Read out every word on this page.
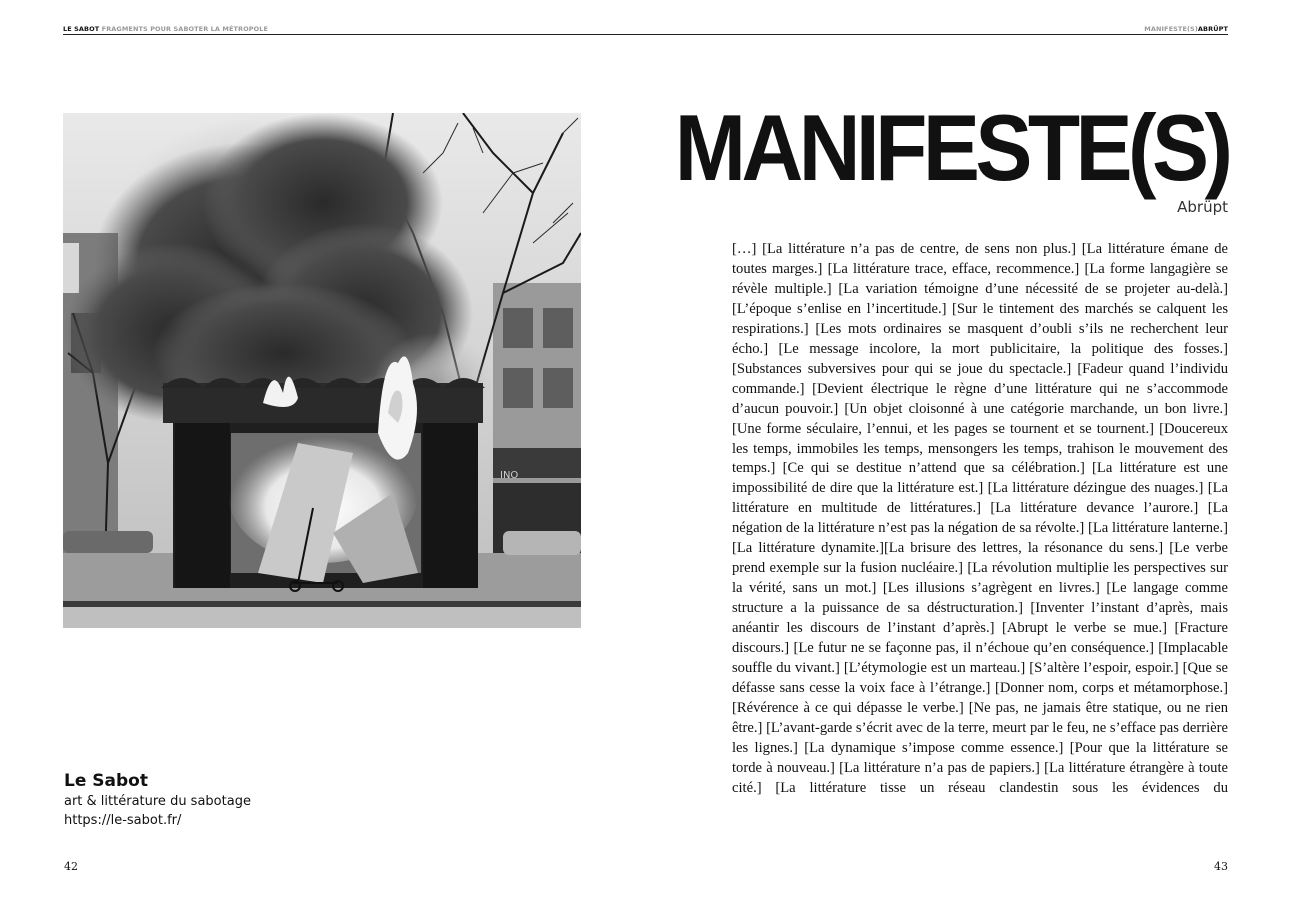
LE SABOT FRAGMENTS POUR SABOTER LA MÉTROPOLE	MANIFESTE(S)ABRÜPT
INO
Le Sabot
art & littérature du sabotage
https://le-sabot.fr/
42
MANIFESTE(S)
Abrüpt
[…] [La littérature n’a pas de centre, de sens non plus.] [La littérature émane de toutes marges.] [La littérature trace, efface, recommence.] [La forme langagière se révèle multiple.] [La variation témoigne d’une nécessité de se projeter au-delà.][L’époque s’enlise en l’incertitude.] [Sur le tintement des marchés se calquent les respirations.] [Les mots ordinaires se masquent d’oubli s’ils ne recherchent leur écho.] [Le message incolore, la mort publicitaire, la politique des fosses.] [Substances subversives pour qui se joue du spectacle.] [Fadeur quand l’individu commande.] [Devient électrique le règne d’une littérature qui ne s’accommode d’aucun pouvoir.] [Un objet cloisonné à une catégorie marchande, un bon livre.] [Une forme séculaire, l’ennui, et les pages se tournent et se tournent.] [Doucereux les temps, immobiles les temps, mensongers les temps, trahison le mouvement des temps.] [Ce qui se destitue n’attend que sa célébration.] [La littérature est une impossibilité de dire que la littérature est.] [La littérature dézingue des nuages.] [La littérature en multitude de littératures.] [La littérature devance l’aurore.] [La négation de la littérature n’est pas la négation de sa révolte.] [La littérature lanterne.] [La littérature dynamite.][La brisure des lettres, la résonance du sens.] [Le verbe prend exemple sur la fusion nucléaire.] [La révolution multiplie les perspectives sur la vérité, sans un mot.] [Les illusions s’agrègent en livres.] [Le langage comme structure a la puissance de sa déstructuration.] [Inventer l’instant d’après, mais anéantir les discours de l’instant d’après.] [Abrupt le verbe se mue.] [Fracture discours.] [Le futur ne se façonne pas, il n’échoue qu’en conséquence.] [Implacable souffle du vivant.] [L’étymologie est un marteau.] [S’altère l’espoir, espoir.] [Que se défasse sans cesse la voix face à l’étrange.] [Donner nom, corps et métamorphose.] [Révérence à ce qui dépasse le verbe.] [Ne pas, ne jamais être statique, ou ne rien être.] [L’avant-garde s’écrit avec de la terre, meurt par le feu, ne s’efface pas derrière les lignes.] [La dynamique s’impose comme essence.] [Pour que la littérature se torde à nouveau.] [La littérature n’a pas de papiers.] [La littérature étrangère à toute cité.] [La littérature tisse un réseau clandestin sous les évidences du
43
